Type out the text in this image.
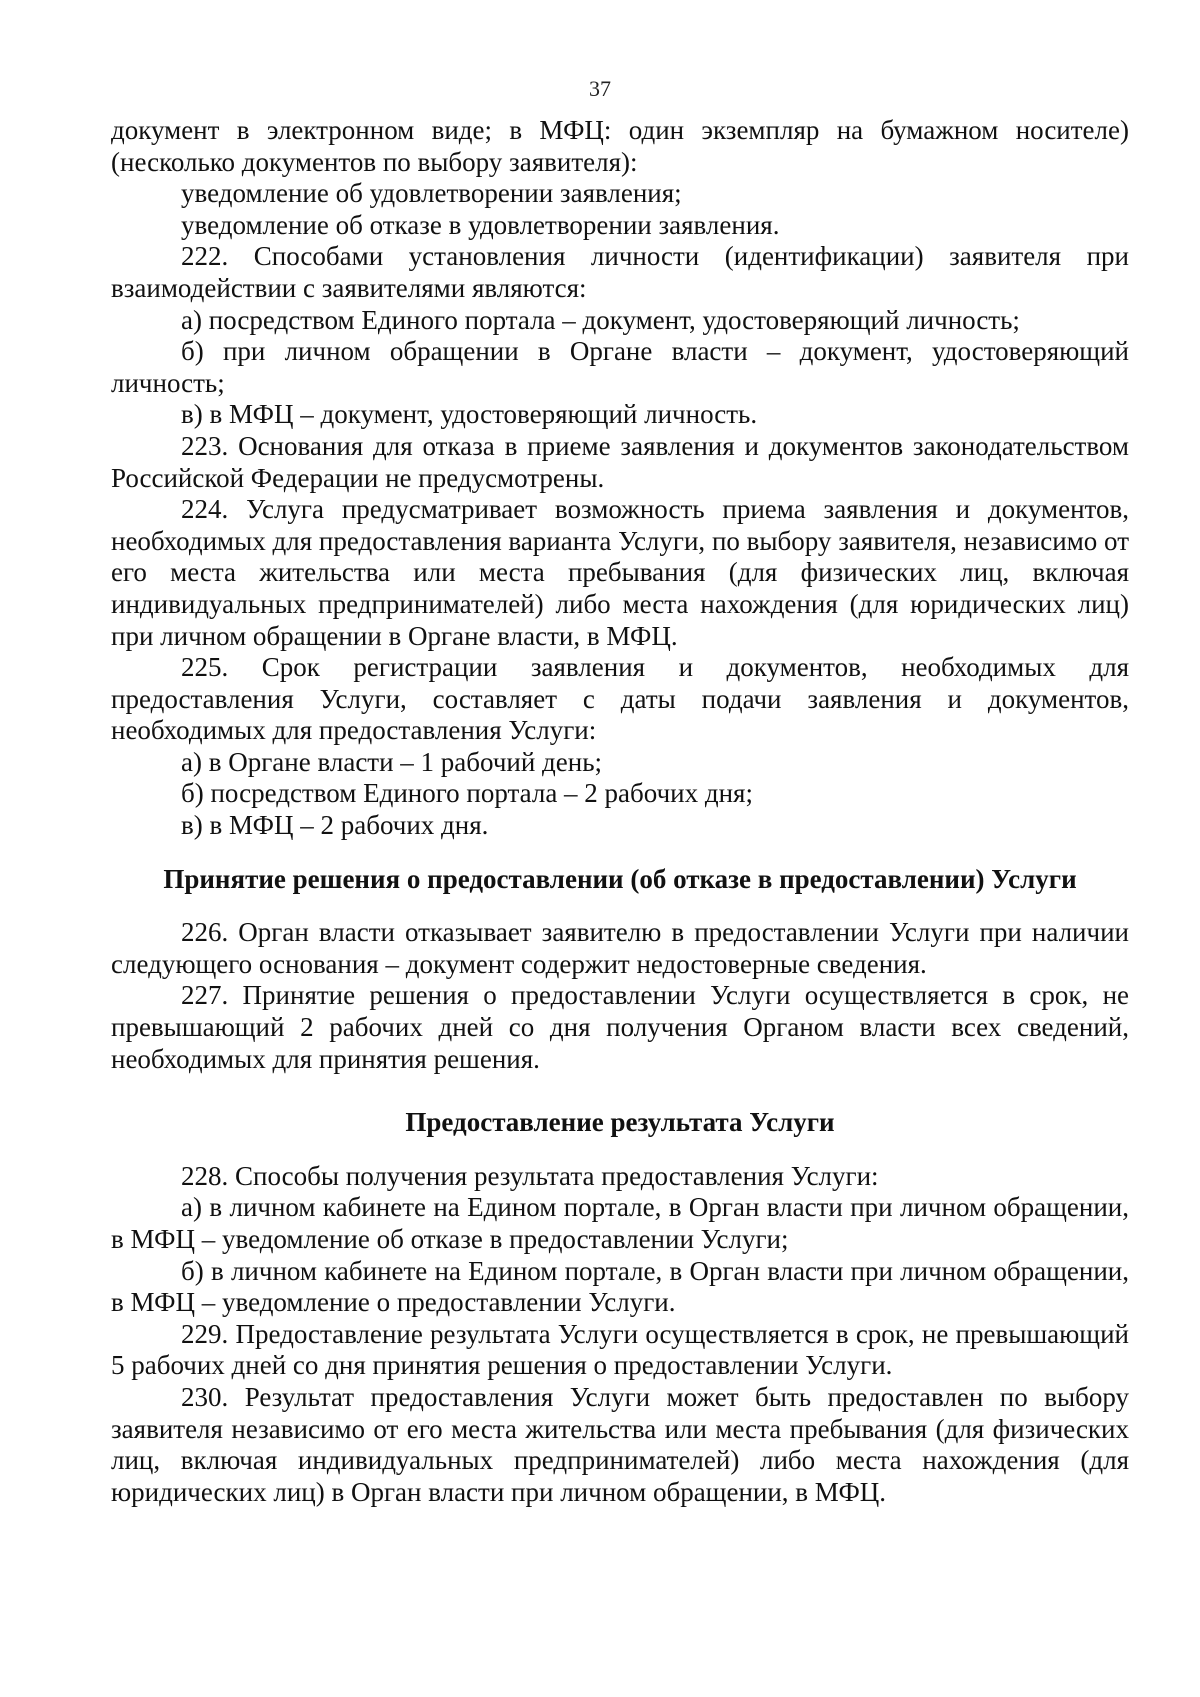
37

документ в электронном виде; в МФЦ: один экземпляр на бумажном носителе) (несколько документов по выбору заявителя):

уведомление об удовлетворении заявления;

уведомление об отказе в удовлетворении заявления.

222. Способами установления личности (идентификации) заявителя при взаимодействии с заявителями являются:

а) посредством Единого портала – документ, удостоверяющий личность;

б) при личном обращении в Органе власти – документ, удостоверяющий личность;

в) в МФЦ – документ, удостоверяющий личность.

223. Основания для отказа в приеме заявления и документов законодательством Российской Федерации не предусмотрены.

224. Услуга предусматривает возможность приема заявления и документов, необходимых для предоставления варианта Услуги, по выбору заявителя, независимо от его места жительства или места пребывания (для физических лиц, включая индивидуальных предпринимателей) либо места нахождения (для юридических лиц) при личном обращении в Органе власти, в МФЦ.

225. Срок регистрации заявления и документов, необходимых для предоставления Услуги, составляет с даты подачи заявления и документов, необходимых для предоставления Услуги:

а) в Органе власти – 1 рабочий день;

б) посредством Единого портала – 2 рабочих дня;

в) в МФЦ – 2 рабочих дня.

Принятие решения о предоставлении (об отказе в предоставлении) Услуги

226. Орган власти отказывает заявителю в предоставлении Услуги при наличии следующего основания – документ содержит недостоверные сведения.

227. Принятие решения о предоставлении Услуги осуществляется в срок, не превышающий 2 рабочих дней со дня получения Органом власти всех сведений, необходимых для принятия решения.

Предоставление результата Услуги

228. Способы получения результата предоставления Услуги:

а) в личном кабинете на Едином портале, в Орган власти при личном обращении, в МФЦ – уведомление об отказе в предоставлении Услуги;

б) в личном кабинете на Едином портале, в Орган власти при личном обращении, в МФЦ – уведомление о предоставлении Услуги.

229. Предоставление результата Услуги осуществляется в срок, не превышающий 5 рабочих дней со дня принятия решения о предоставлении Услуги.

230. Результат предоставления Услуги может быть предоставлен по выбору заявителя независимо от его места жительства или места пребывания (для физических лиц, включая индивидуальных предпринимателей) либо места нахождения (для юридических лиц) в Орган власти при личном обращении, в МФЦ.
